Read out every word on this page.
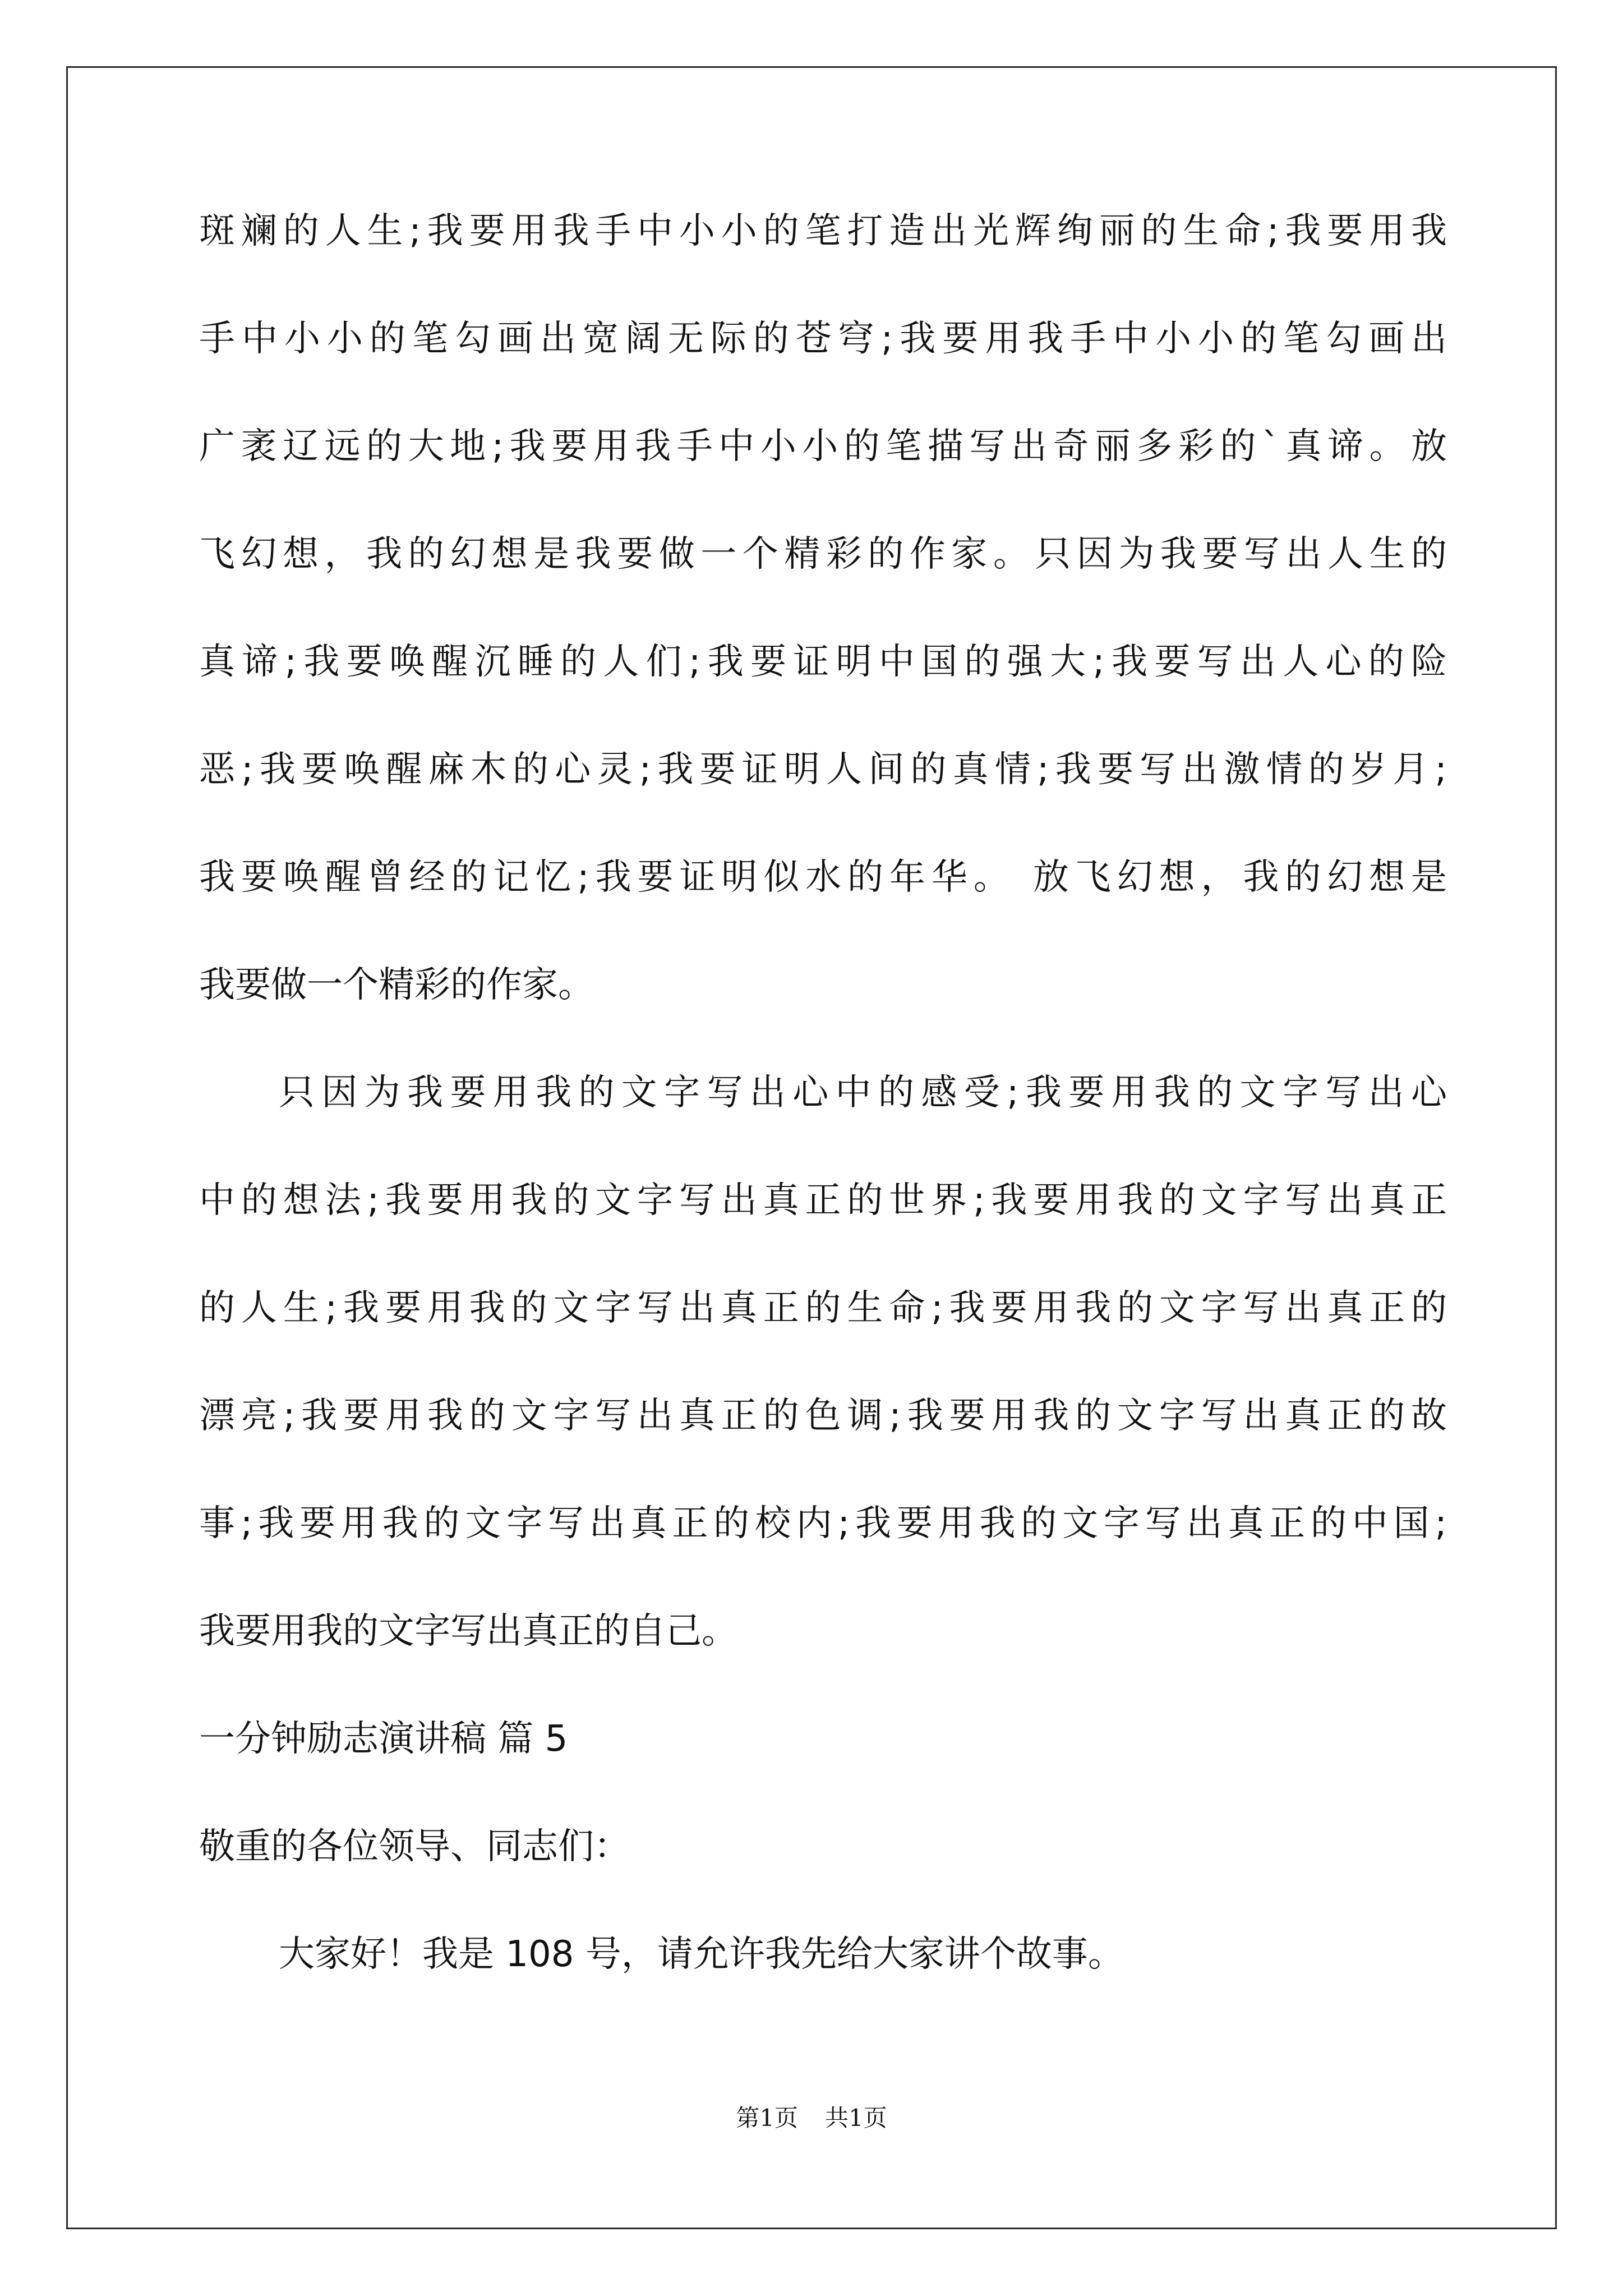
斑斓的人生;我要用我手中小小的笔打造出光辉绚丽的生命;我要用我
手中小小的笔勾画出宽阔无际的苍穹;我要用我手中小小的笔勾画出
广袤辽远的大地;我要用我手中小小的笔描写出奇丽多彩的`真谛。放
飞幻想，我的幻想是我要做一个精彩的作家。只因为我要写出人生的
真谛;我要唤醒沉睡的人们;我要证明中国的强大;我要写出人心的险
恶;我要唤醒麻木的心灵;我要证明人间的真情;我要写出激情的岁月;
我要唤醒曾经的记忆;我要证明似水的年华。 放飞幻想，我的幻想是
我要做一个精彩的作家。
只因为我要用我的文字写出心中的感受;我要用我的文字写出心
中的想法;我要用我的文字写出真正的世界;我要用我的文字写出真正
的人生;我要用我的文字写出真正的生命;我要用我的文字写出真正的
漂亮;我要用我的文字写出真正的色调;我要用我的文字写出真正的故
事;我要用我的文字写出真正的校内;我要用我的文字写出真正的中国;
我要用我的文字写出真正的自己。
一分钟励志演讲稿 篇 5
敬重的各位领导、同志们：
大家好！我是 108 号，请允许我先给大家讲个故事。
第1页 共1页
